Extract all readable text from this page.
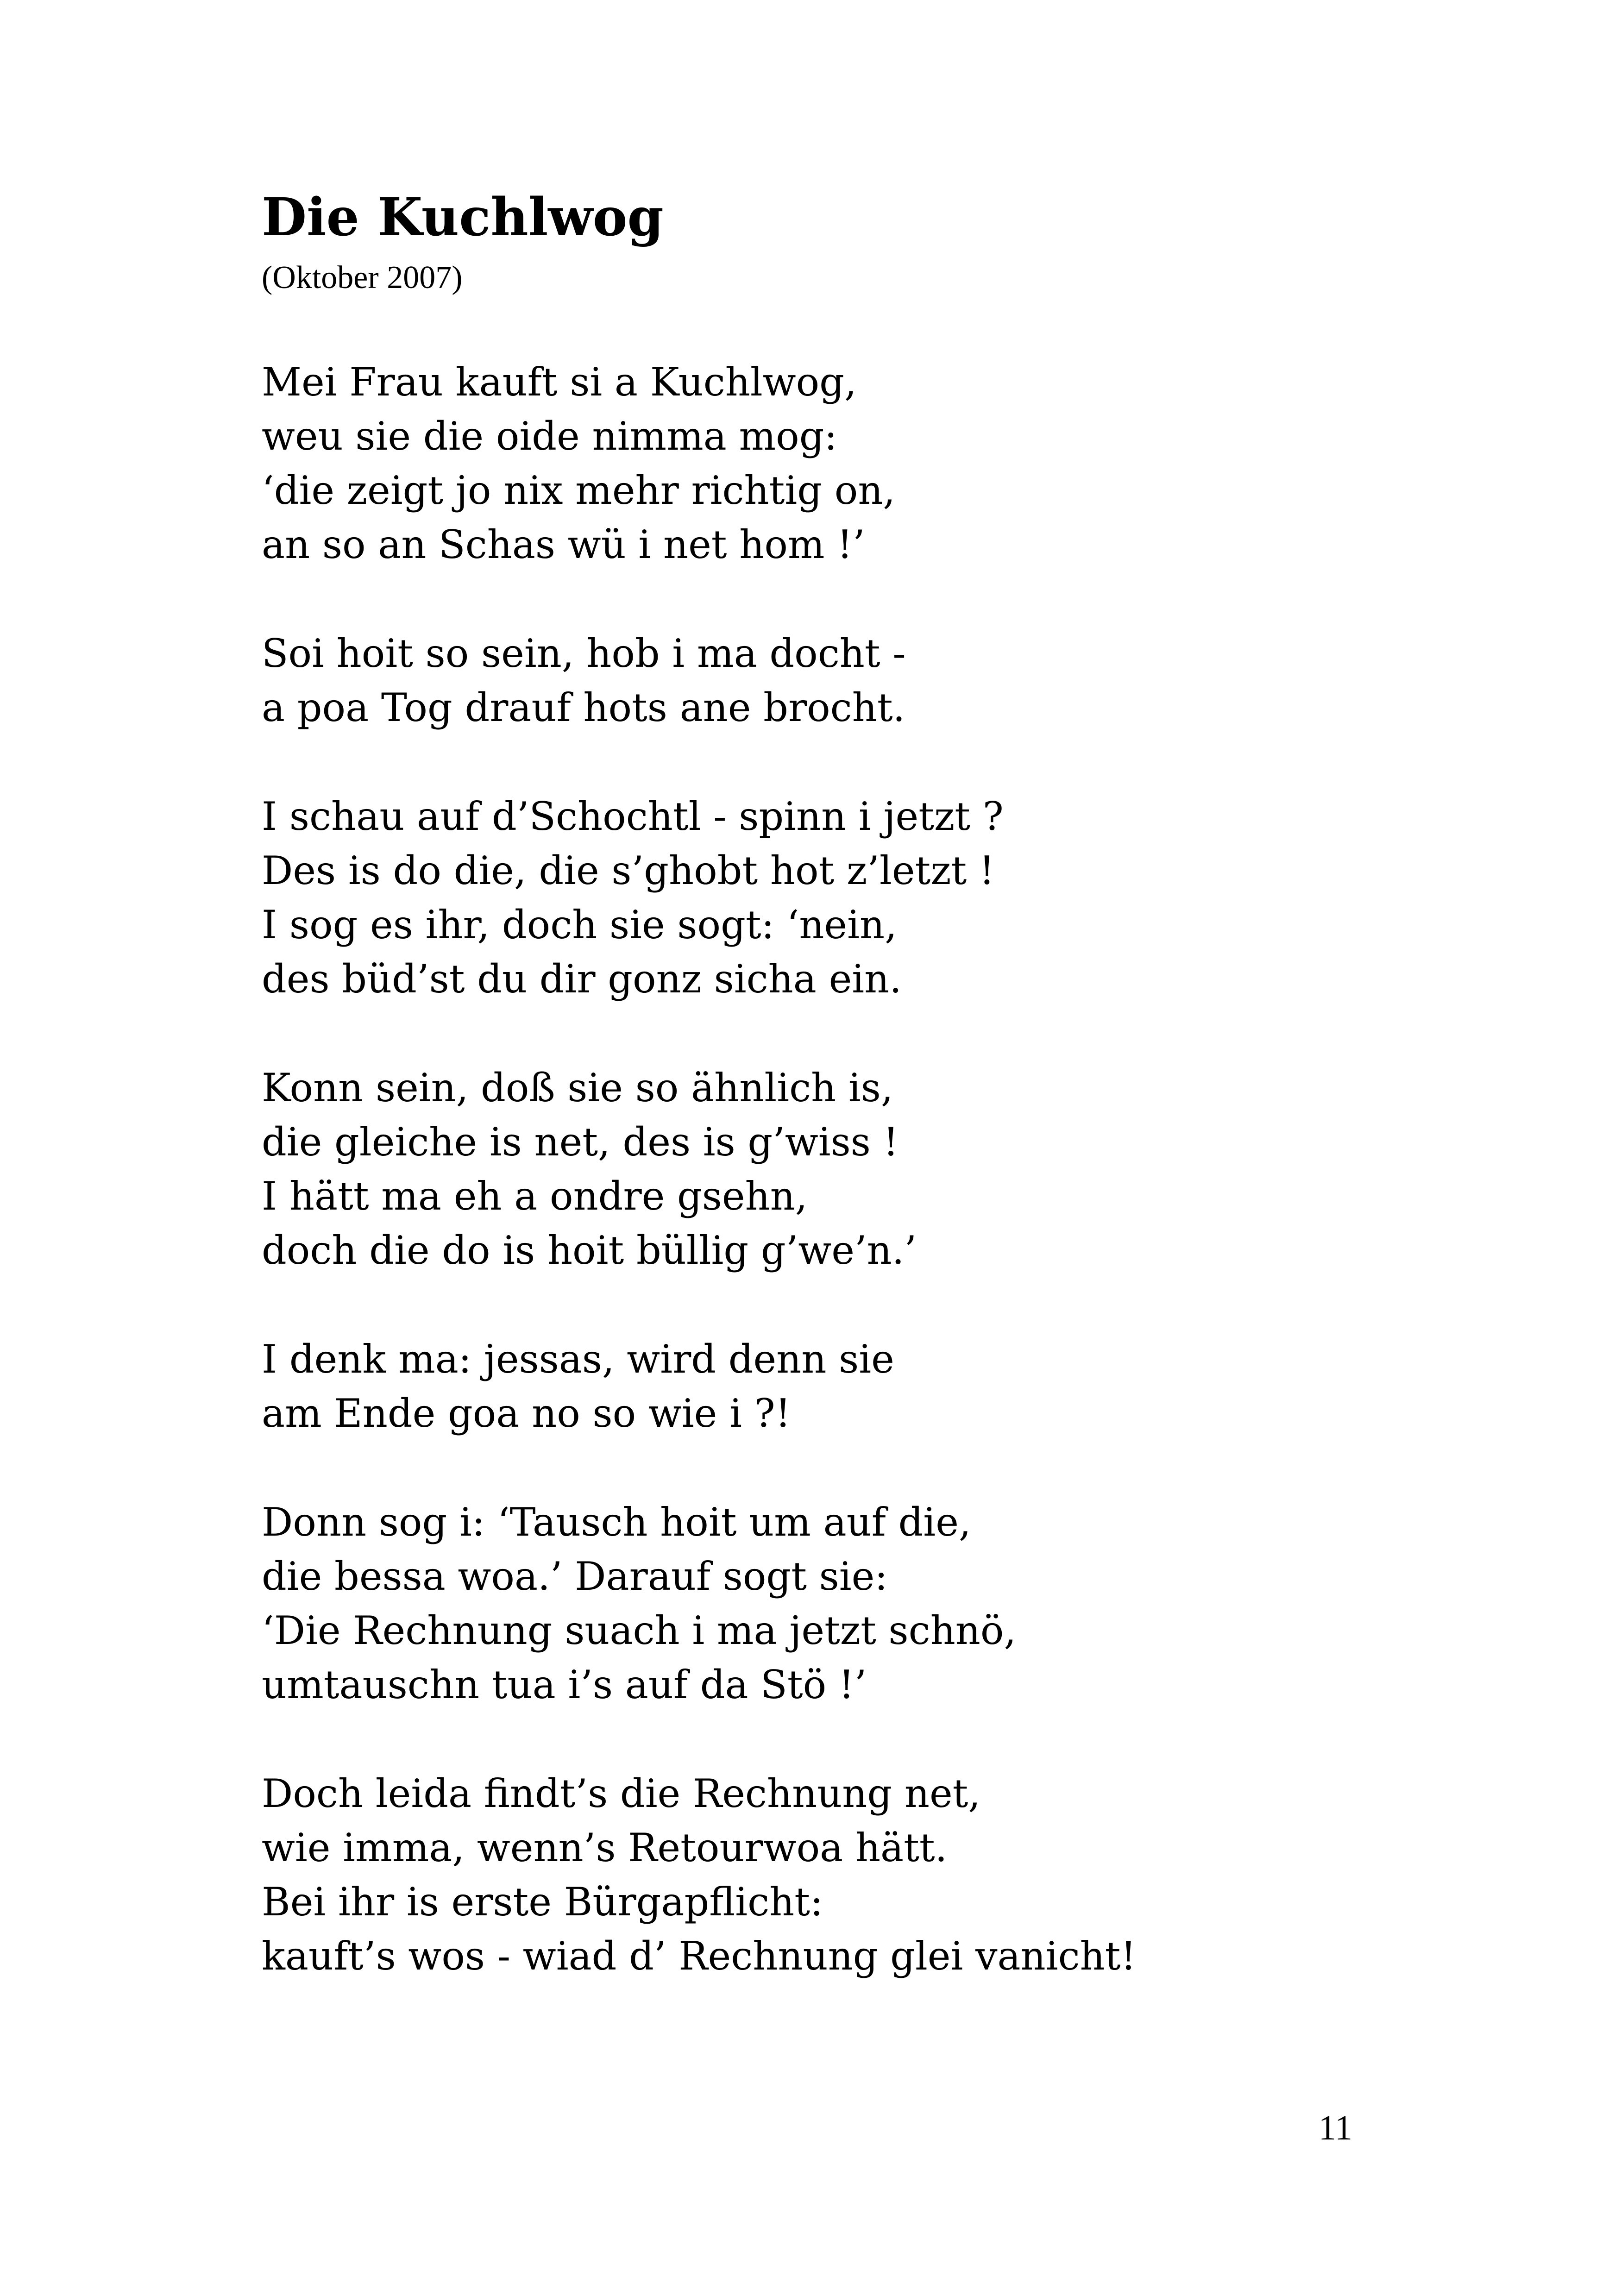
Die Kuchlwog

(Oktober 2007)

Mei Frau kauft si a Kuchlwog,

weu sie die oide nimma mog:

‘die zeigt jo nix mehr richtig on,

an so an Schas wü i net hom !’

Soi hoit so sein, hob i ma docht -

a poa Tog drauf hots ane brocht.

I schau auf d’Schochtl - spinn i jetzt ?

Des is do die, die s’ghobt hot z’letzt !

I sog es ihr, doch sie sogt: ‘nein,

des büd’st du dir gonz sicha ein.

Konn sein, doß sie so ähnlich is,

die gleiche is net, des is g’wiss !

I hätt ma eh a ondre gsehn,

doch die do is hoit büllig g’we’n.’

I denk ma: jessas, wird denn sie

am Ende goa no so wie i ?!

Donn sog i: ‘Tausch hoit um auf die,

die bessa woa.’ Darauf sogt sie:

‘Die Rechnung suach i ma jetzt schnö,

umtauschn tua i’s auf da Stö !’

Doch leida findt’s die Rechnung net,

wie imma, wenn’s Retourwoa hätt.

Bei ihr is erste Bürgapflicht:

kauft’s wos - wiad d’ Rechnung glei vanicht!

11
